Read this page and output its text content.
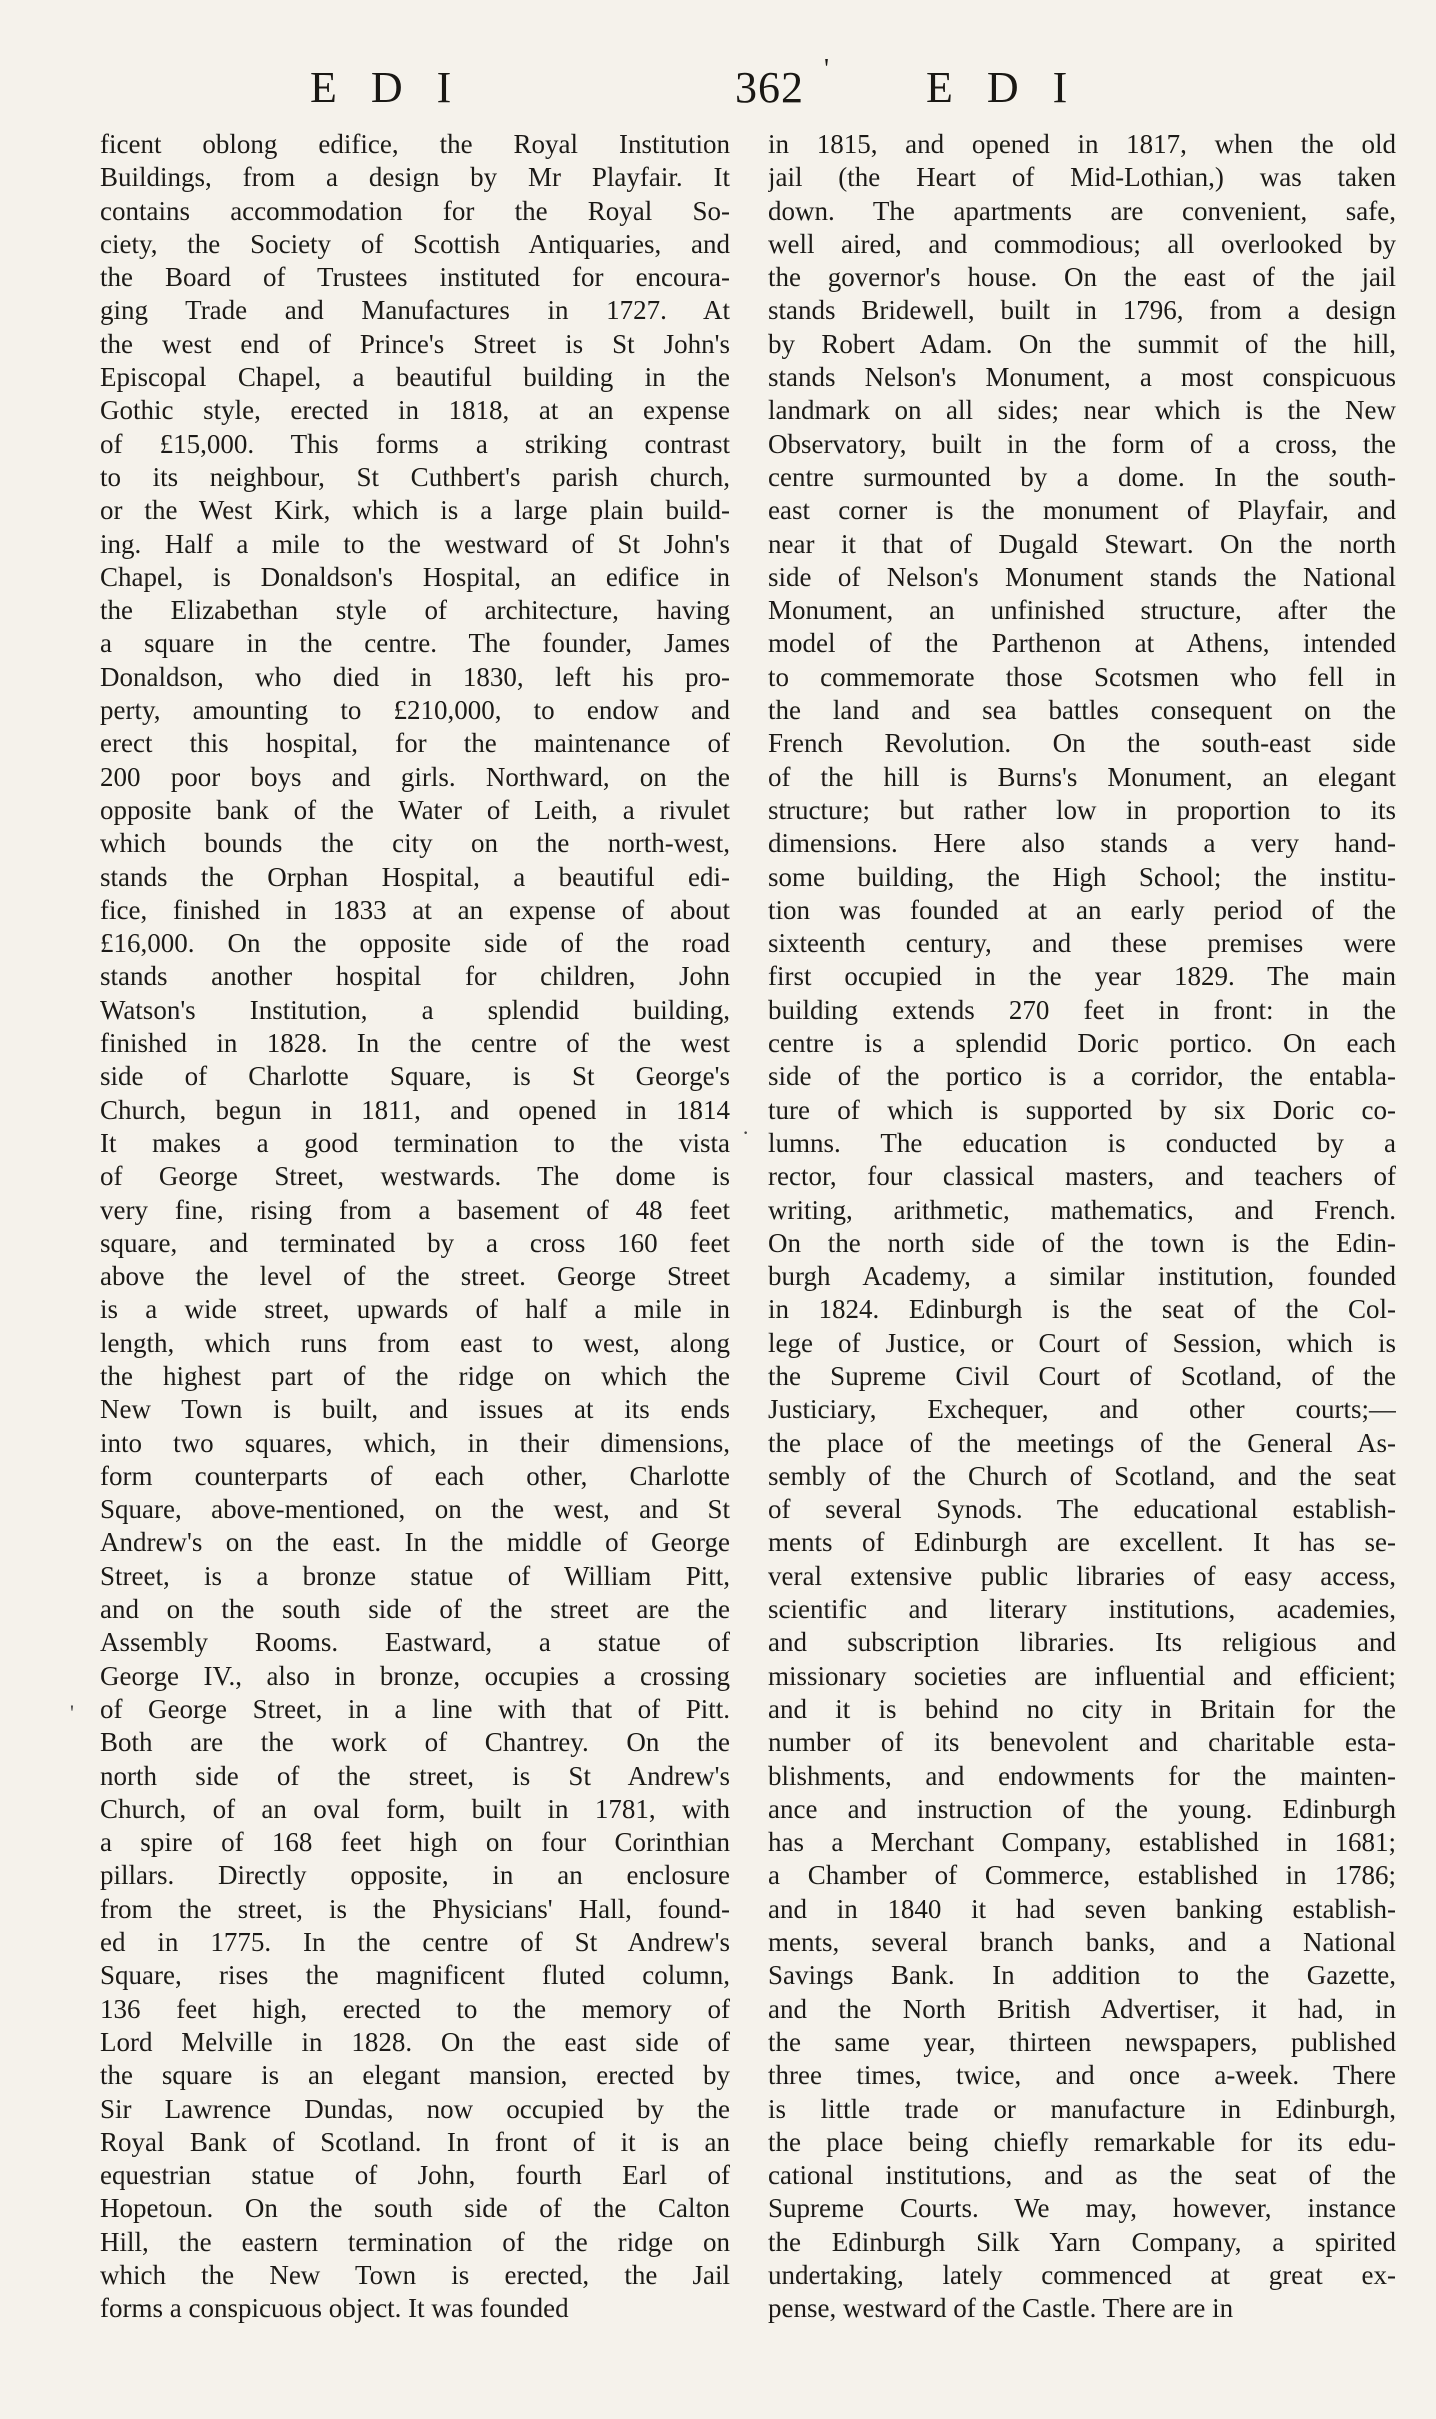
EDI	362 ' EDI
ficent oblong edifice, the Royal Institution
Buildings, from a design by Mr Playfair. It
contains accommodation for the Royal So-
ciety, the Society of Scottish Antiquaries, and
the Board of Trustees instituted for encoura-
ging Trade and Manufactures in 1727. At
the west end of Prince's Street is St John's
Episcopal Chapel, a beautiful building in the
Gothic style, erected in 1818, at an expense
of £15,000. This forms a striking contrast
to its neighbour, St Cuthbert's parish church,
or the West Kirk, which is a large plain build-
ing. Half a mile to the westward of St John's
Chapel, is Donaldson's Hospital, an edifice in
the Elizabethan style of architecture, having
a square in the centre. The founder, James
Donaldson, who died in 1830, left his pro-
perty, amounting to £210,000, to endow and
erect this hospital, for the maintenance of
200 poor boys and girls. Northward, on the
opposite bank of the Water of Leith, a rivulet
which bounds the city on the north-west,
stands the Orphan Hospital, a beautiful edi-
fice, finished in 1833 at an expense of about
£16,000. On the opposite side of the road
stands another hospital for children, John
Watson's Institution, a splendid building,
finished in 1828. In the centre of the west
side of Charlotte Square, is St George's
Church, begun in 1811, and opened in 1814
It makes a good termination to the vista
of George Street, westwards. The dome is
very fine, rising from a basement of 48 feet
square, and terminated by a cross 160 feet
above the level of the street. George Street
is a wide street, upwards of half a mile in
length, which runs from east to west, along
the highest part of the ridge on which the
New Town is built, and issues at its ends
into two squares, which, in their dimensions,
form counterparts of each other, Charlotte
Square, above-mentioned, on the west, and St
Andrew's on the east. In the middle of George
Street, is a bronze statue of William Pitt,
and on the south side of the street are the
Assembly Rooms. Eastward, a statue of
George IV., also in bronze, occupies a crossing
of George Street, in a line with that of Pitt.
Both are the work of Chantrey. On the
north side of the street, is St Andrew's
Church, of an oval form, built in 1781, with
a spire of 168 feet high on four Corinthian
pillars. Directly opposite, in an enclosure
from the street, is the Physicians' Hall, found-
ed in 1775. In the centre of St Andrew's
Square, rises the magnificent fluted column,
136 feet high, erected to the memory of
Lord Melville in 1828. On the east side of
the square is an elegant mansion, erected by
Sir Lawrence Dundas, now occupied by the
Royal Bank of Scotland. In front of it is an
equestrian statue of John, fourth Earl of
Hopetoun. On the south side of the Calton
Hill, the eastern termination of the ridge on
which the New Town is erected, the Jail
forms a conspicuous object. It was founded
in 1815, and opened in 1817, when the old
jail (the Heart of Mid-Lothian,) was taken
down. The apartments are convenient, safe,
well aired, and commodious; all overlooked by
the governor's house. On the east of the jail
stands Bridewell, built in 1796, from a design
by Robert Adam. On the summit of the hill,
stands Nelson's Monument, a most conspicuous
landmark on all sides; near which is the New
Observatory, built in the form of a cross, the
centre surmounted by a dome. In the south-
east corner is the monument of Playfair, and
near it that of Dugald Stewart. On the north
side of Nelson's Monument stands the National
Monument, an unfinished structure, after the
model of the Parthenon at Athens, intended
to commemorate those Scotsmen who fell in
the land and sea battles consequent on the
French Revolution. On the south-east side
of the hill is Burns's Monument, an elegant
structure; but rather low in proportion to its
dimensions. Here also stands a very hand-
some building, the High School; the institu-
tion was founded at an early period of the
sixteenth century, and these premises were
first occupied in the year 1829. The main
building extends 270 feet in front: in the
centre is a splendid Doric portico. On each
side of the portico is a corridor, the entabla-
ture of which is supported by six Doric co-
lumns. The education is conducted by a
rector, four classical masters, and teachers of
writing, arithmetic, mathematics, and French.
On the north side of the town is the Edin-
burgh Academy, a similar institution, founded
in 1824. Edinburgh is the seat of the Col-
lege of Justice, or Court of Session, which is
the Supreme Civil Court of Scotland, of the
Justiciary, Exchequer, and other courts;—
the place of the meetings of the General As-
sembly of the Church of Scotland, and the seat
of several Synods. The educational establish-
ments of Edinburgh are excellent. It has se-
veral extensive public libraries of easy access,
scientific and literary institutions, academies,
and subscription libraries. Its religious and
missionary societies are influential and efficient;
and it is behind no city in Britain for the
number of its benevolent and charitable esta-
blishments, and endowments for the mainten-
ance and instruction of the young. Edinburgh
has a Merchant Company, established in 1681;
a Chamber of Commerce, established in 1786;
and in 1840 it had seven banking establish-
ments, several branch banks, and a National
Savings Bank. In addition to the Gazette,
and the North British Advertiser, it had, in
the same year, thirteen newspapers, published
three times, twice, and once a-week. There
is little trade or manufacture in Edinburgh,
the place being chiefly remarkable for its edu-
cational institutions, and as the seat of the
Supreme Courts. We may, however, instance
the Edinburgh Silk Yarn Company, a spirited
undertaking, lately commenced at great ex-
pense, westward of the Castle. There are in
'
·
